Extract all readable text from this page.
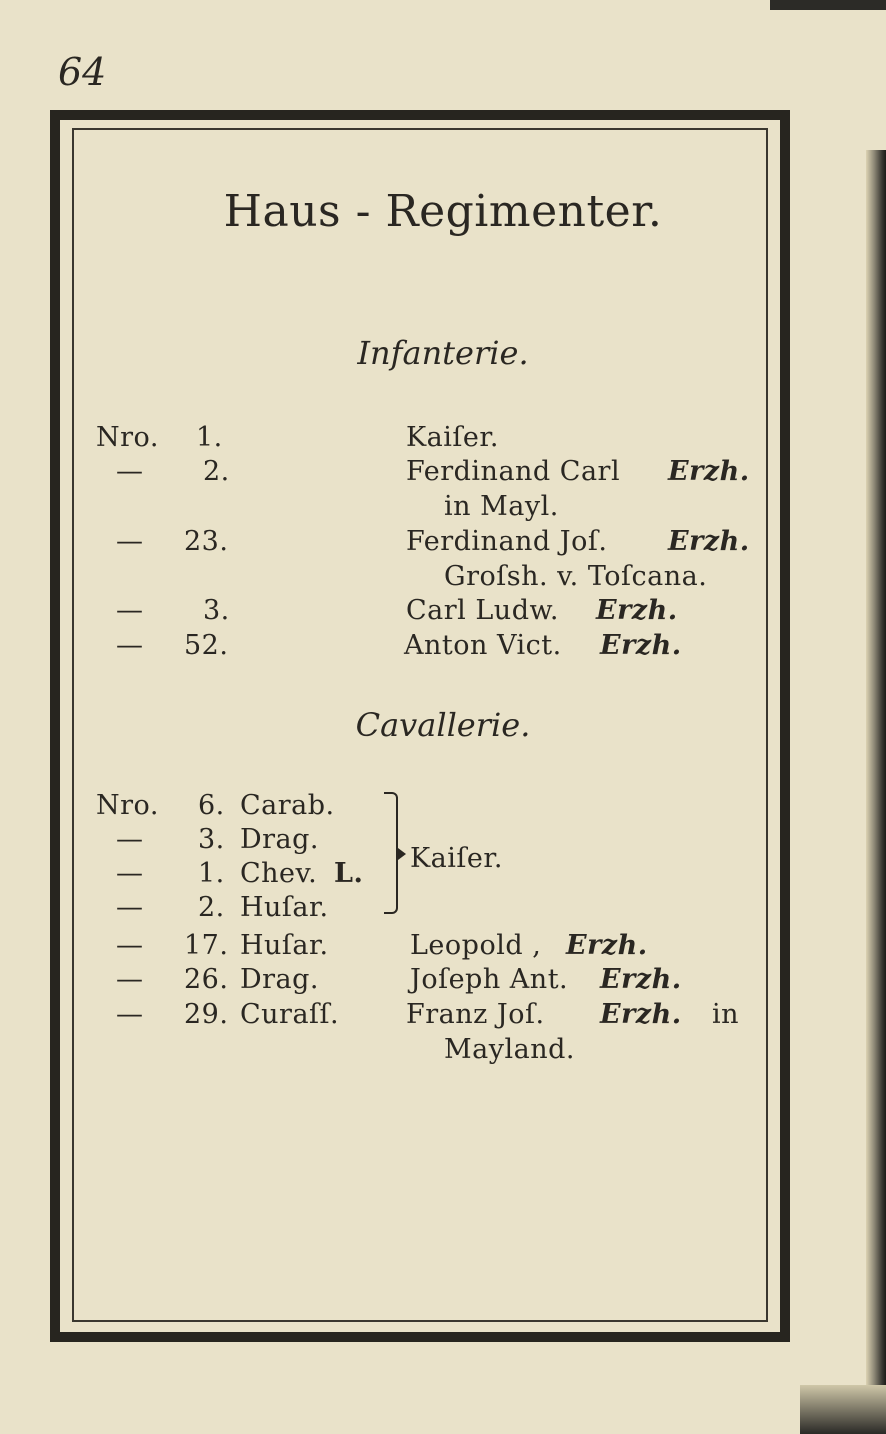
64
Haus - Regimenter.
Infanterie.
Nro. 1.	Kaiſer.
— 2.	Ferdinand Carl Erzh.
in Mayl.
— 23.	Ferdinand Joſ. Erzh.
Groſsh. v. Toſcana.
— 3.	Carl Ludw. Erzh.
— 52.	Anton Vict. Erzh.
Cavallerie.
Nro. 6. Carab.
— 3. Drag.
— 1. Chev. L.
— 2. Huſar.
Kaiſer.
— 17. Huſar.	Leopold , Erzh.
— 26. Drag.	Joſeph Ant. Erzh.
— 29. Curaſſ. Franz Joſ. Erzh. in
Mayland.
